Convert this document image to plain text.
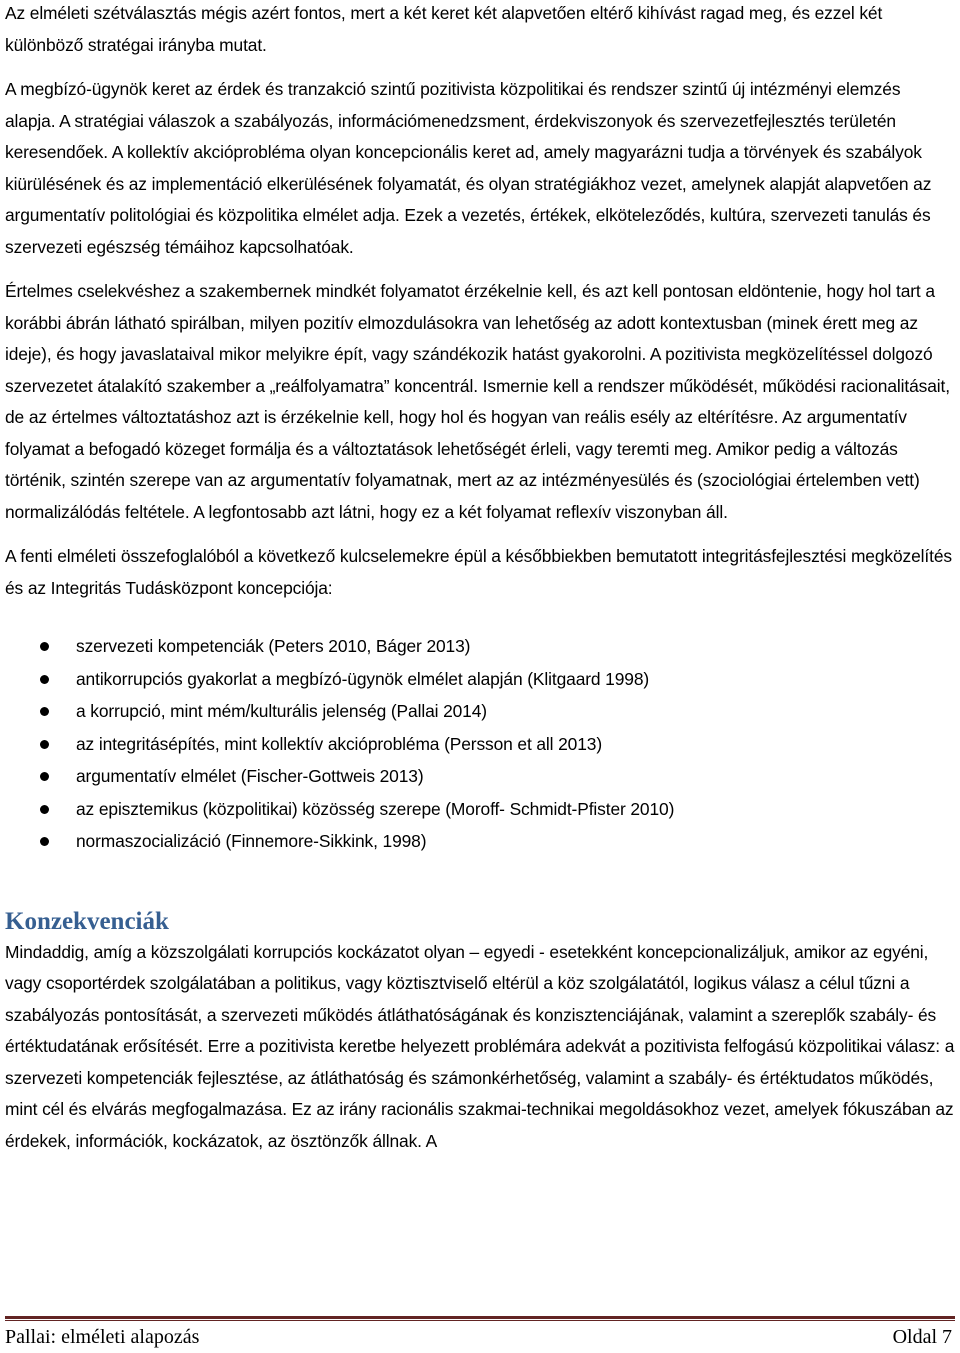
Az elméleti szétválasztás mégis azért fontos, mert a két keret két alapvetően eltérő kihívást ragad meg, és ezzel két különböző stratégai irányba mutat.

A megbízó-ügynök keret az érdek és tranzakció szintű pozitivista közpolitikai és rendszer szintű új intézményi elemzés alapja. A stratégiai válaszok a szabályozás, információmenedzsment, érdekviszonyok és szervezetfejlesztés területén keresendőek. A kollektív akcióprobléma olyan koncepcionális keret ad, amely magyarázni tudja a törvények és szabályok kiürülésének és az implementáció elkerülésének folyamatát, és olyan stratégiákhoz vezet, amelynek alapját alapvetően az argumentatív politológiai és közpolitika elmélet adja. Ezek a vezetés, értékek, elköteleződés, kultúra, szervezeti tanulás és szervezeti egészség témáihoz kapcsolhatóak.

Értelmes cselekvéshez a szakembernek mindkét folyamatot érzékelnie kell, és azt kell pontosan eldöntenie, hogy hol tart a korábbi ábrán látható spirálban, milyen pozitív elmozdulásokra van lehetőség az adott kontextusban (minek érett meg az ideje), és hogy javaslataival mikor melyikre épít, vagy szándékozik hatást gyakorolni. A pozitivista megközelítéssel dolgozó szervezetet átalakító szakember a „reálfolyamatra” koncentrál. Ismernie kell a rendszer működését, működési racionalitásait, de az értelmes változtatáshoz azt is érzékelnie kell, hogy hol és hogyan van reális esély az eltérítésre. Az argumentatív folyamat a befogadó közeget formálja és a változtatások lehetőségét érleli, vagy teremti meg. Amikor pedig a változás történik, szintén szerepe van az argumentatív folyamatnak, mert az az intézményesülés és (szociológiai értelemben vett) normalizálódás feltétele. A legfontosabb azt látni, hogy ez a két folyamat reflexív viszonyban áll.

A fenti elméleti összefoglalóból a következő kulcselemekre épül a későbbiekben bemutatott integritásfejlesztési megközelítés és az Integritás Tudásközpont koncepciója:

szervezeti kompetenciák (Peters 2010, Báger 2013)
antikorrupciós gyakorlat a megbízó-ügynök elmélet alapján (Klitgaard 1998)
a korrupció, mint mém/kulturális jelenség (Pallai 2014)
az integritásépítés, mint kollektív akcióprobléma (Persson et all 2013)
argumentatív elmélet (Fischer-Gottweis 2013)
az episztemikus (közpolitikai) közösség szerepe (Moroff- Schmidt-Pfister 2010)
normaszocializáció (Finnemore-Sikkink, 1998)
Konzekvenciák

Mindaddig, amíg a közszolgálati korrupciós kockázatot olyan – egyedi - esetekként koncepcionalizáljuk, amikor az egyéni, vagy csoportérdek szolgálatában a politikus, vagy köztisztviselő eltérül a köz szolgálatától, logikus válasz a célul tűzni a szabályozás pontosítását, a szervezeti működés átláthatóságának és konzisztenciájának, valamint a szereplők szabály- és értéktudatának erősítését. Erre a pozitivista keretbe helyezett problémára adekvát a pozitivista felfogású közpolitikai válasz: a szervezeti kompetenciák fejlesztése, az átláthatóság és számonkérhetőség, valamint a szabály- és értéktudatos működés, mint cél és elvárás megfogalmazása. Ez az irány racionális szakmai-technikai megoldásokhoz vezet, amelyek fókuszában az érdekek, információk, kockázatok, az ösztönzők állnak. A

Pallai: elméleti alapozás	Oldal 7
